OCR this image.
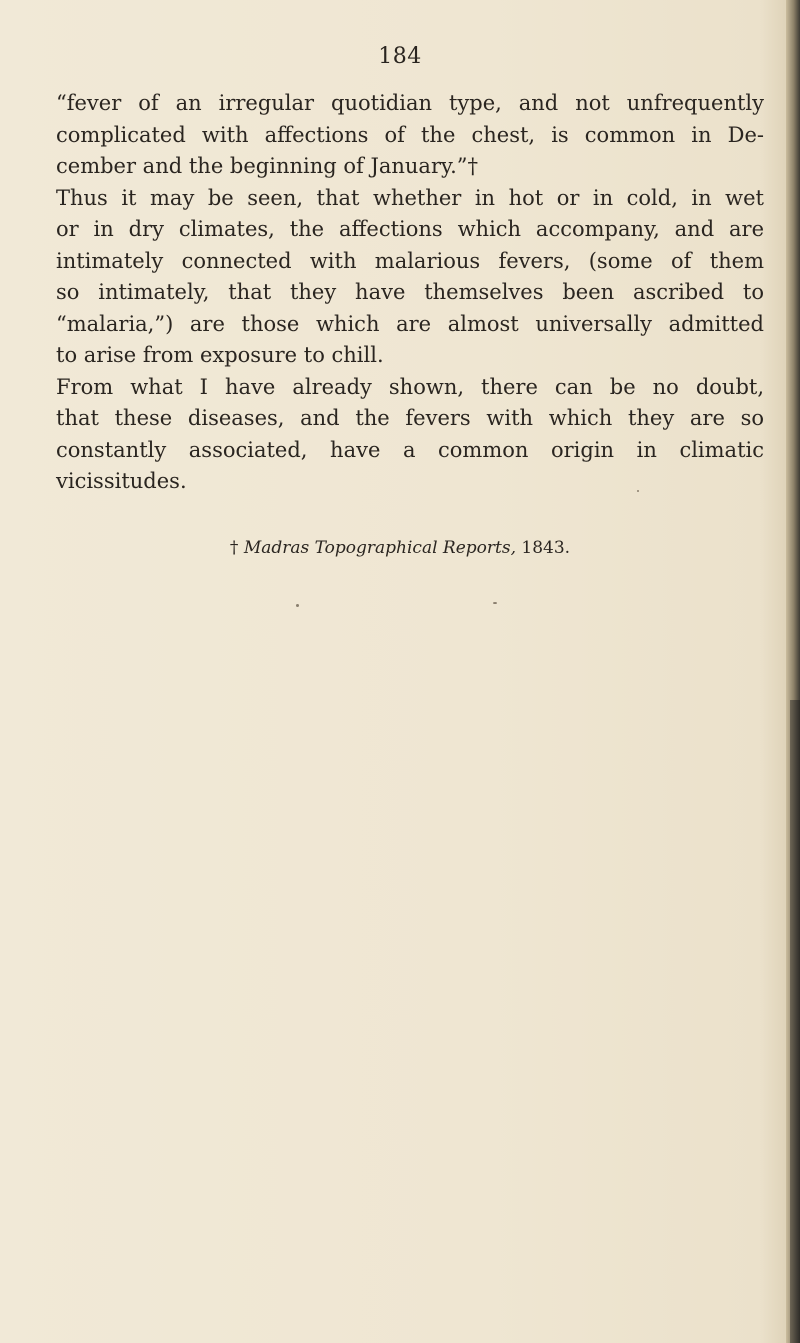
184
“fever of an irregular quotidian type, and not unfrequently
complicated with affections of the chest, is common in De-
cember and the beginning of January.”†
Thus it may be seen, that whether in hot or in cold, in wet
or in dry climates, the affections which accompany, and are
intimately connected with malarious fevers, (some of them
so intimately, that they have themselves been ascribed to
“malaria,”) are those which are almost universally admitted
to arise from exposure to chill.
From what I have already shown, there can be no doubt,
that these diseases, and the fevers with which they are so
constantly associated, have a common origin in climatic
vicissitudes.
† Madras Topographical Reports, 1843.
